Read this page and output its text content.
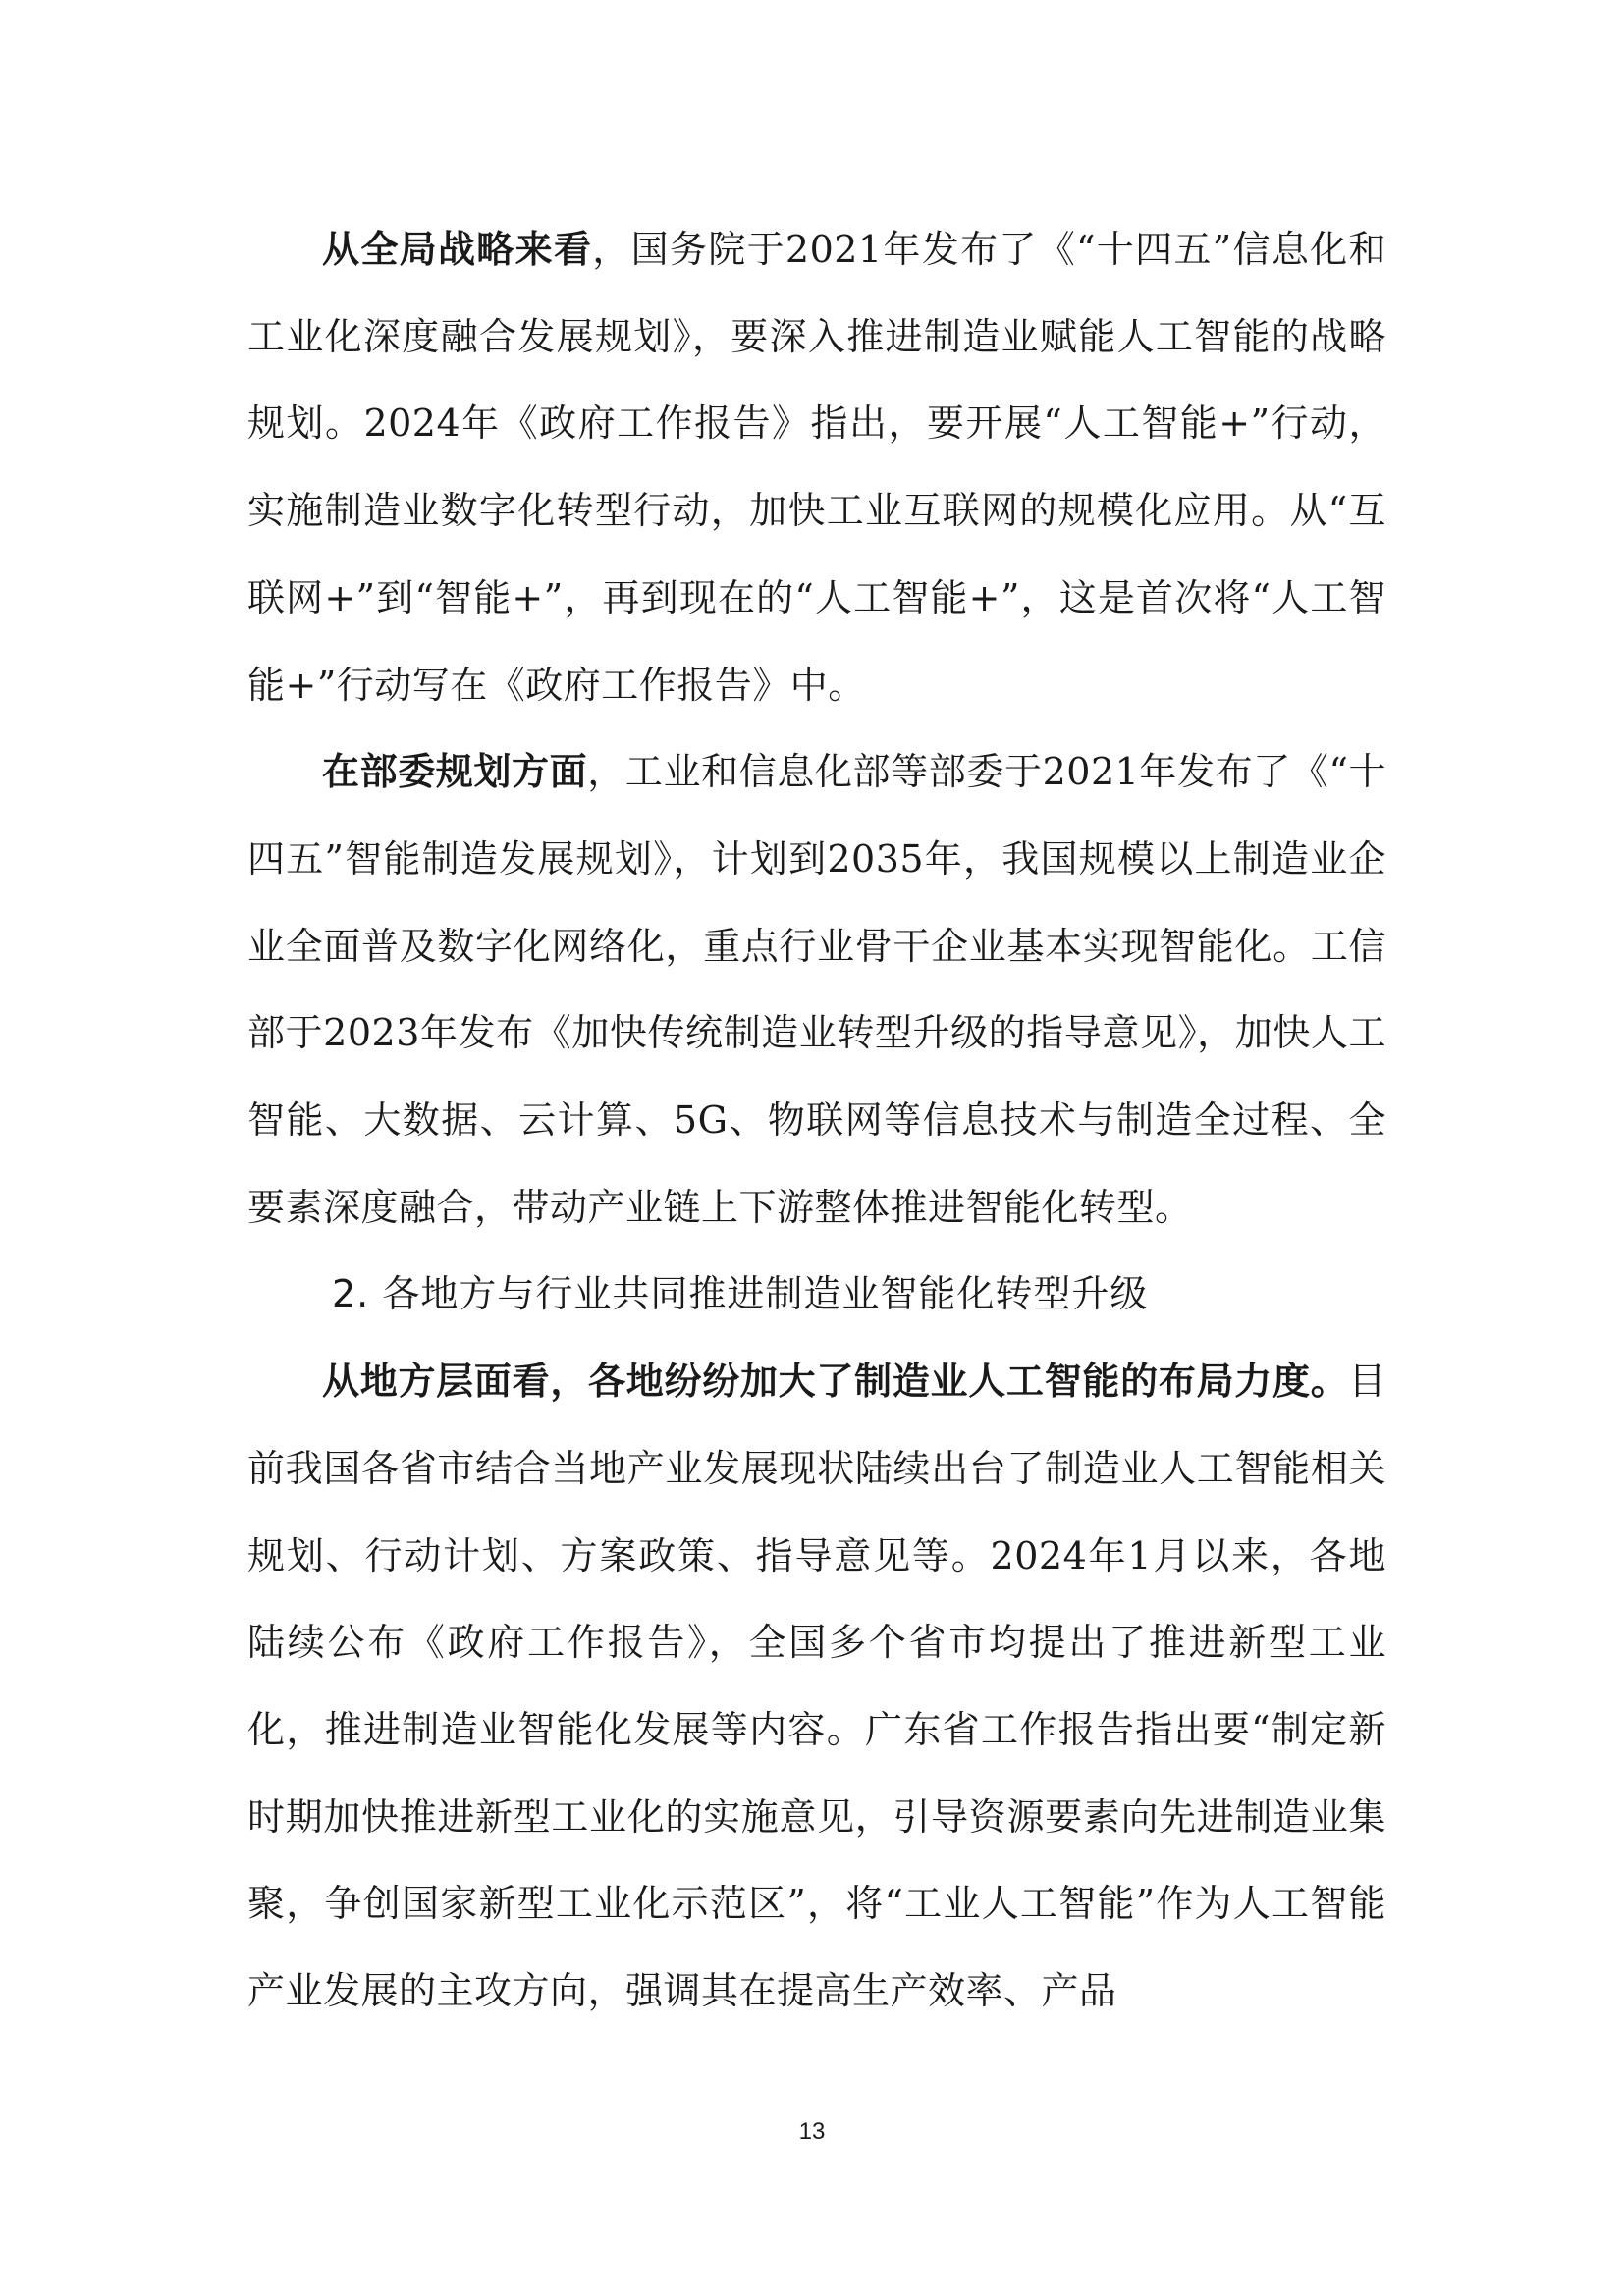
从全局战略来看，国务院于2021年发布了《“十四五”信息化和工业化深度融合发展规划》，要深入推进制造业赋能人工智能的战略规划。2024年《政府工作报告》指出，要开展“人工智能+”行动，实施制造业数字化转型行动，加快工业互联网的规模化应用。从“互联网+”到“智能+”，再到现在的“人工智能+”，这是首次将“人工智能+”行动写在《政府工作报告》中。

在部委规划方面，工业和信息化部等部委于2021年发布了《“十四五”智能制造发展规划》，计划到2035年，我国规模以上制造业企业全面普及数字化网络化，重点行业骨干企业基本实现智能化。工信部于2023年发布《加快传统制造业转型升级的指导意见》，加快人工智能、大数据、云计算、5G、物联网等信息技术与制造全过程、全要素深度融合，带动产业链上下游整体推进智能化转型。

2. 各地方与行业共同推进制造业智能化转型升级

从地方层面看，各地纷纷加大了制造业人工智能的布局力度。目前我国各省市结合当地产业发展现状陆续出台了制造业人工智能相关规划、行动计划、方案政策、指导意见等。2024年1月以来，各地陆续公布《政府工作报告》，全国多个省市均提出了推进新型工业化，推进制造业智能化发展等内容。广东省工作报告指出要“制定新时期加快推进新型工业化的实施意见，引导资源要素向先进制造业集聚，争创国家新型工业化示范区”，将“工业人工智能”作为人工智能产业发展的主攻方向，强调其在提高生产效率、产品

13
